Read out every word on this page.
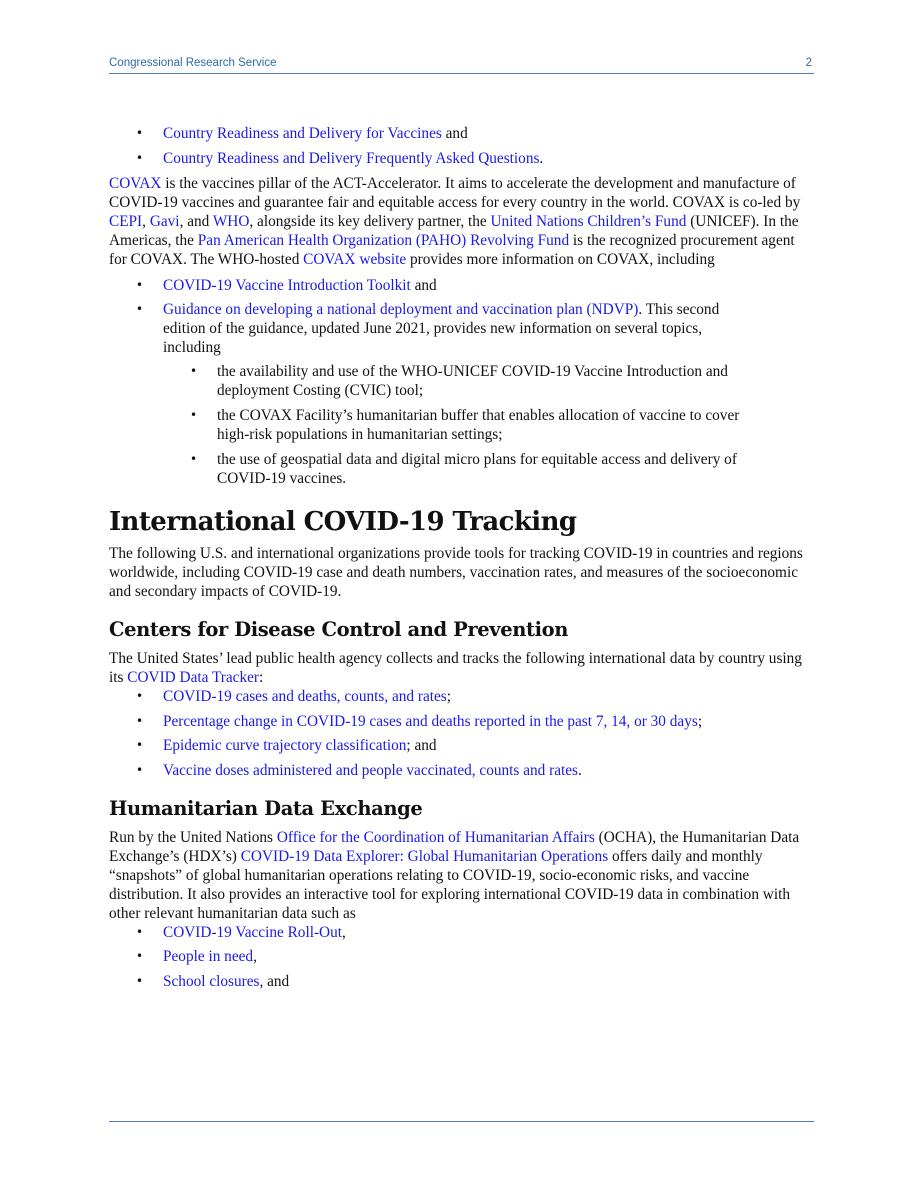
Congressional Research Service	2
• Country Readiness and Delivery for Vaccines and
• Country Readiness and Delivery Frequently Asked Questions.

COVAX is the vaccines pillar of the ACT-Accelerator. It aims to accelerate the development and manufacture of COVID-19 vaccines and guarantee fair and equitable access for every country in the world. COVAX is co-led by CEPI, Gavi, and WHO, alongside its key delivery partner, the United Nations Children’s Fund (UNICEF). In the Americas, the Pan American Health Organization (PAHO) Revolving Fund is the recognized procurement agent for COVAX. The WHO-hosted COVAX website provides more information on COVAX, including

• COVID-19 Vaccine Introduction Toolkit and
• Guidance on developing a national deployment and vaccination plan (NDVP). This second edition of the guidance, updated June 2021, provides new information on several topics, including
• the availability and use of the WHO-UNICEF COVID-19 Vaccine Introduction and deployment Costing (CVIC) tool;
• the COVAX Facility’s humanitarian buffer that enables allocation of vaccine to cover high-risk populations in humanitarian settings;
• the use of geospatial data and digital micro plans for equitable access and delivery of COVID-19 vaccines.
International COVID-19 Tracking

The following U.S. and international organizations provide tools for tracking COVID-19 in countries and regions worldwide, including COVID-19 case and death numbers, vaccination rates, and measures of the socioeconomic and secondary impacts of COVID-19.

Centers for Disease Control and Prevention

The United States’ lead public health agency collects and tracks the following international data by country using its COVID Data Tracker:

• COVID-19 cases and deaths, counts, and rates;
• Percentage change in COVID-19 cases and deaths reported in the past 7, 14, or 30 days;
• Epidemic curve trajectory classification; and
• Vaccine doses administered and people vaccinated, counts and rates.
Humanitarian Data Exchange

Run by the United Nations Office for the Coordination of Humanitarian Affairs (OCHA), the Humanitarian Data Exchange’s (HDX’s) COVID-19 Data Explorer: Global Humanitarian Operations offers daily and monthly “snapshots” of global humanitarian operations relating to COVID-19, socio-economic risks, and vaccine distribution. It also provides an interactive tool for exploring international COVID-19 data in combination with other relevant humanitarian data such as

• COVID-19 Vaccine Roll-Out,
• People in need,
• School closures, and
